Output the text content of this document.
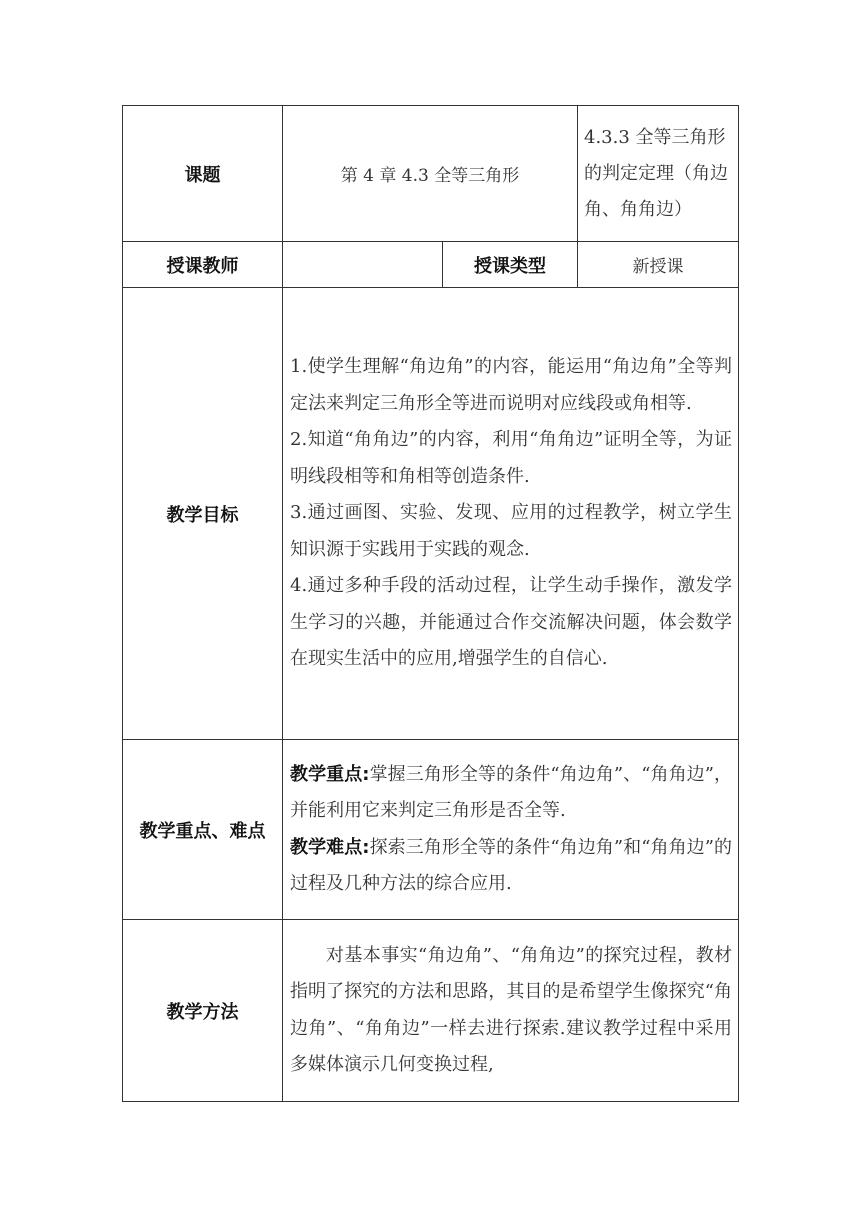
课题	第 4 章 4.3 全等三角形		4.3.3 全等三角形的判定定理（角边角、角角边）
授课教师		授课类型	新授课
教学目标	1.使学生理解“角边角”的内容，能运用“角边角”全等判定法来判定三角形全等进而说明对应线段或角相等.

2.知道“角角边”的内容，利用“角角边”证明全等，为证明线段相等和角相等创造条件.

3.通过画图、实验、发现、应用的过程教学，树立学生知识源于实践用于实践的观念.

4.通过多种手段的活动过程，让学生动手操作，激发学生学习的兴趣，并能通过合作交流解决问题，体会数学在现实生活中的应用,增强学生的自信心.		

教学重点、难点	教学重点:掌握三角形全等的条件“角边角”、“角角边”，并能利用它来判定三角形是否全等.

教学难点:探索三角形全等的条件“角边角”和“角角边”的过程及几种方法的综合应用.		

教学方法	对基本事实“角边角”、“角角边”的探究过程，教材指明了探究的方法和思路，其目的是希望学生像探究“角边角”、“角角边”一样去进行探索.建议教学过程中采用多媒体演示几何变换过程,		
